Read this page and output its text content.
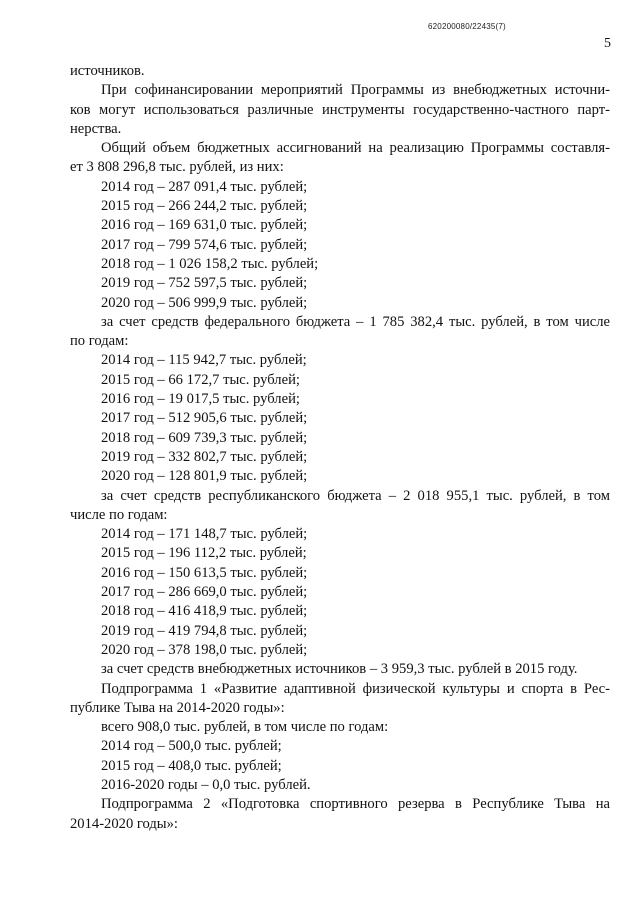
620200080/22435(7)
5

источников.

При софинансировании мероприятий Программы из внебюджетных источни-

ков могут использоваться различные инструменты государственно-частного парт-

нерства.

Общий объем бюджетных ассигнований на реализацию Программы составля-

ет 3 808 296,8 тыс. рублей, из них:

2014 год – 287 091,4 тыс. рублей;

2015 год – 266 244,2 тыс. рублей;

2016 год – 169 631,0 тыс. рублей;

2017 год – 799 574,6 тыс. рублей;

2018 год – 1 026 158,2 тыс. рублей;

2019 год – 752 597,5 тыс. рублей;

2020 год – 506 999,9 тыс. рублей;

за счет средств федерального бюджета – 1 785 382,4 тыс. рублей, в том числе

по годам:

2014 год – 115 942,7 тыс. рублей;

2015 год – 66 172,7 тыс. рублей;

2016 год – 19 017,5 тыс. рублей;

2017 год – 512 905,6 тыс. рублей;

2018 год – 609 739,3 тыс. рублей;

2019 год – 332 802,7 тыс. рублей;

2020 год – 128 801,9 тыс. рублей;

за счет средств республиканского бюджета – 2 018 955,1 тыс. рублей, в том

числе по годам:

2014 год – 171 148,7 тыс. рублей;

2015 год – 196 112,2 тыс. рублей;

2016 год – 150 613,5 тыс. рублей;

2017 год – 286 669,0 тыс. рублей;

2018 год – 416 418,9 тыс. рублей;

2019 год – 419 794,8 тыс. рублей;

2020 год – 378 198,0 тыс. рублей;

за счет средств внебюджетных источников – 3 959,3 тыс. рублей в 2015 году.

Подпрограмма 1 «Развитие адаптивной физической культуры и спорта в Рес-

публике Тыва на 2014-2020 годы»:

всего 908,0 тыс. рублей, в том числе по годам:

2014 год – 500,0 тыс. рублей;

2015 год – 408,0 тыс. рублей;

2016-2020 годы – 0,0 тыс. рублей.

Подпрограмма 2 «Подготовка спортивного резерва в Республике Тыва на

2014-2020 годы»:
